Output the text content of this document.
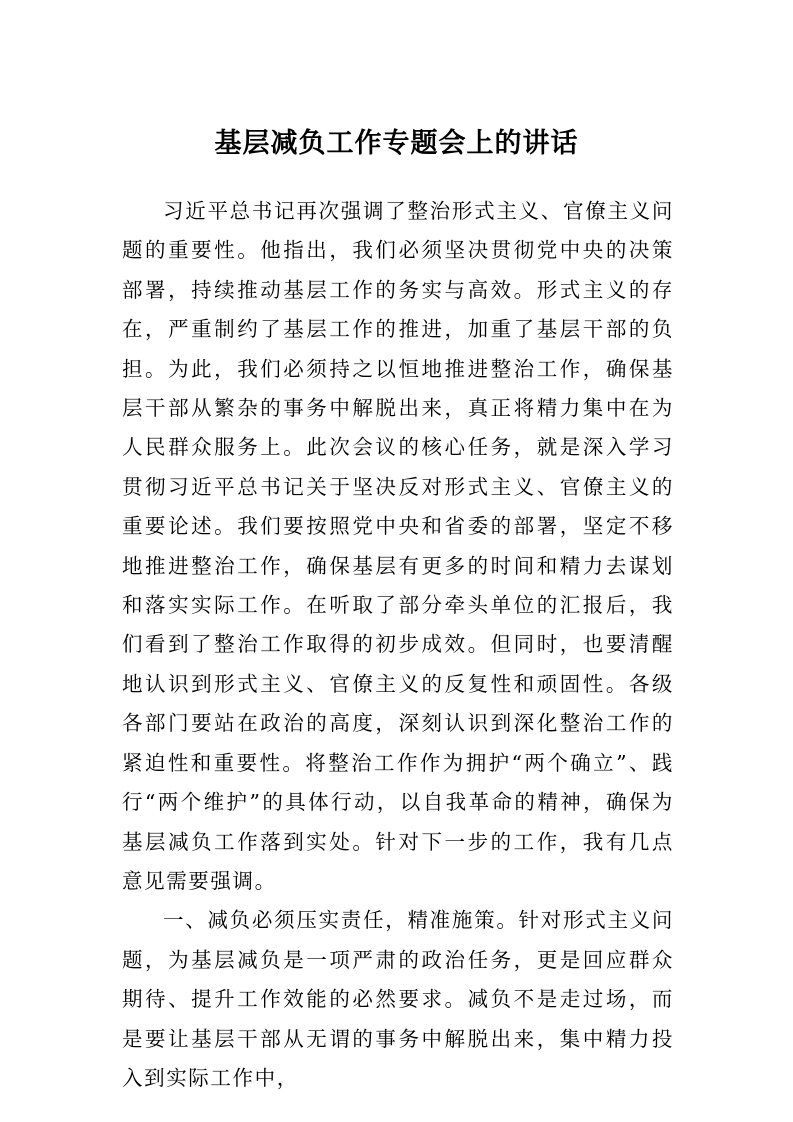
基层减负工作专题会上的讲话

习近平总书记再次强调了整治形式主义、官僚主义问题的重要性。他指出，我们必须坚决贯彻党中央的决策部署，持续推动基层工作的务实与高效。形式主义的存在，严重制约了基层工作的推进，加重了基层干部的负担。为此，我们必须持之以恒地推进整治工作，确保基层干部从繁杂的事务中解脱出来，真正将精力集中在为人民群众服务上。此次会议的核心任务，就是深入学习贯彻习近平总书记关于坚决反对形式主义、官僚主义的重要论述。我们要按照党中央和省委的部署，坚定不移地推进整治工作，确保基层有更多的时间和精力去谋划和落实实际工作。在听取了部分牵头单位的汇报后，我们看到了整治工作取得的初步成效。但同时，也要清醒地认识到形式主义、官僚主义的反复性和顽固性。各级各部门要站在政治的高度，深刻认识到深化整治工作的紧迫性和重要性。将整治工作作为拥护“两个确立”、践行“两个维护”的具体行动，以自我革命的精神，确保为基层减负工作落到实处。针对下一步的工作，我有几点意见需要强调。

一、减负必须压实责任，精准施策。针对形式主义问题，为基层减负是一项严肃的政治任务，更是回应群众期待、提升工作效能的必然要求。减负不是走过场，而是要让基层干部从无谓的事务中解脱出来，集中精力投入到实际工作中，
